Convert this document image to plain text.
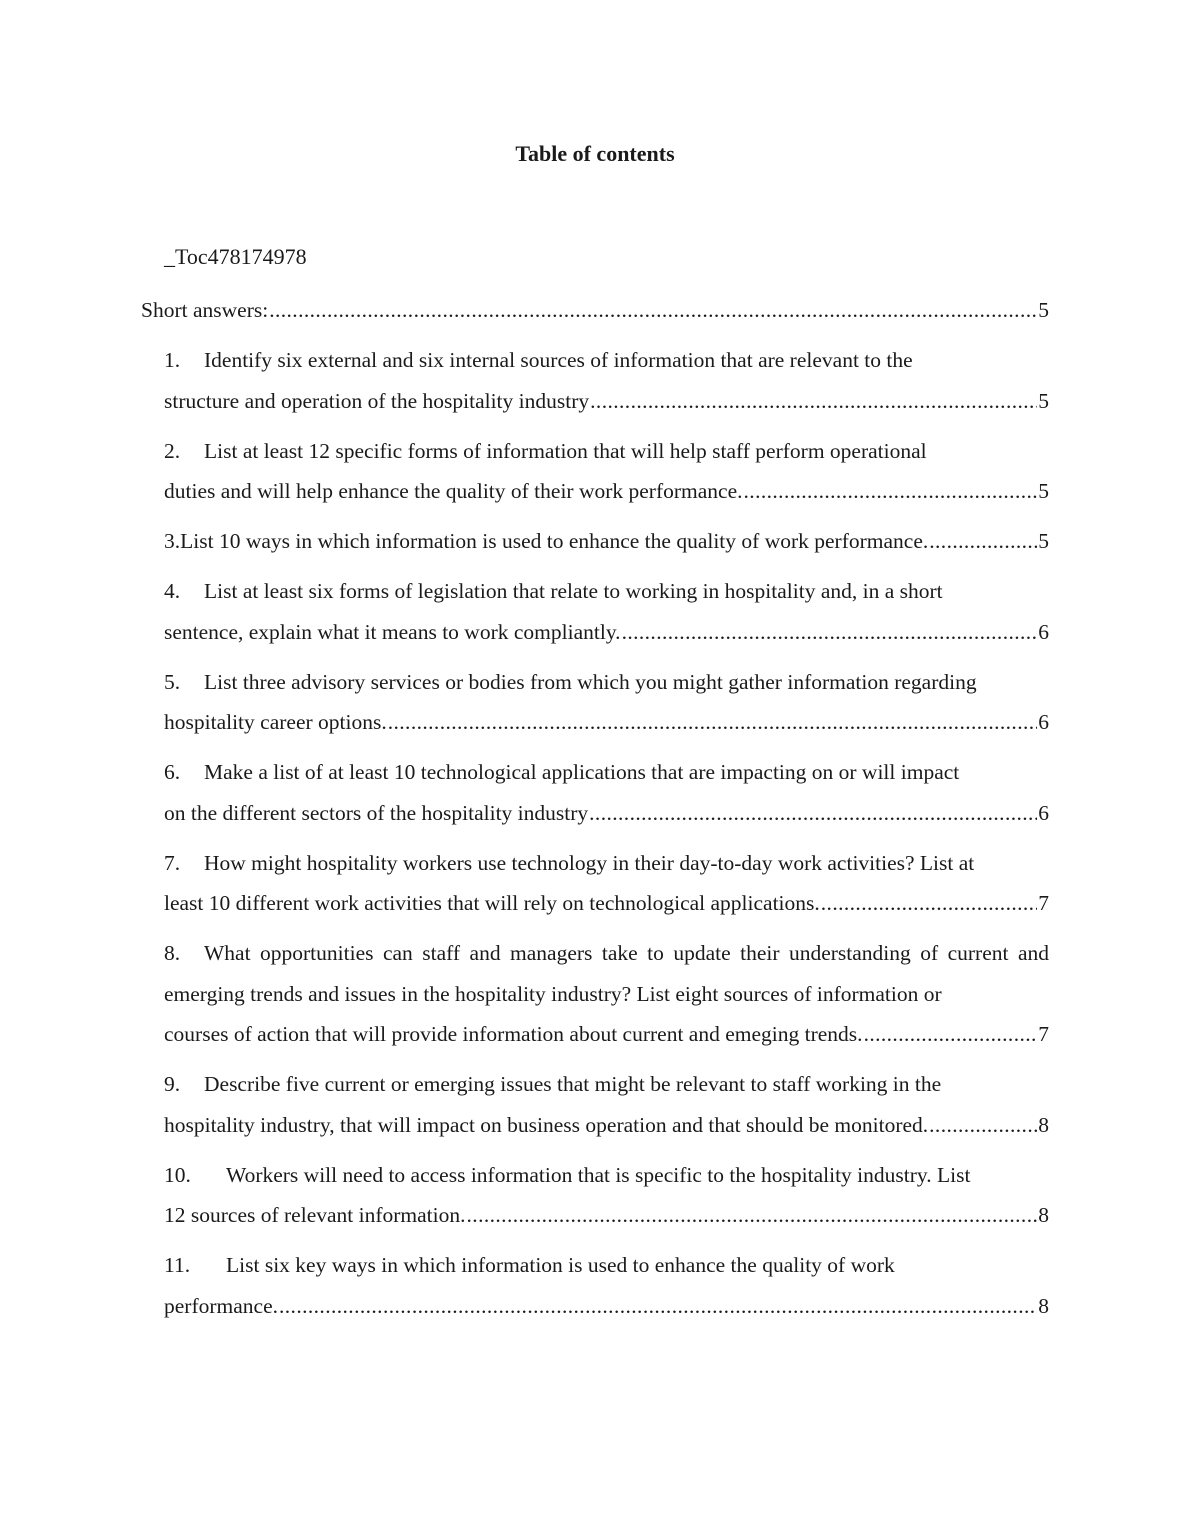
Table of contents
_Toc478174978
Short answers: .....	5
1. Identify six external and six internal sources of information that are relevant to the
structure and operation of the hospitality industry .....	5
2. List at least 12 specific forms of information that will help staff perform operational
duties and will help enhance the quality of their work performance. .....	5
3. List 10 ways in which information is used to enhance the quality of work performance. .....	5
4. List at least six forms of legislation that relate to working in hospitality and, in a short
sentence, explain what it means to work compliantly. .....	6
5. List three advisory services or bodies from which you might gather information regarding
hospitality career options. .....	6
6. Make a list of at least 10 technological applications that are impacting on or will impact
on the different sectors of the hospitality industry .....	6
7. How might hospitality workers use technology in their day-to-day work activities? List at
least 10 different work activities that will rely on technological applications. .....	7
8. What opportunities can staff and managers take to update their understanding of current and emerging trends and issues in the hospitality industry? List eight sources of information or
courses of action that will provide information about current and emeging trends. .....	7
9. Describe five current or emerging issues that might be relevant to staff working in the
hospitality industry, that will impact on business operation and that should be monitored. .....	8
10. Workers will need to access information that is specific to the hospitality industry. List
12 sources of relevant information. .....	8
11. List six key ways in which information is used to enhance the quality of work
performance. .....	8
